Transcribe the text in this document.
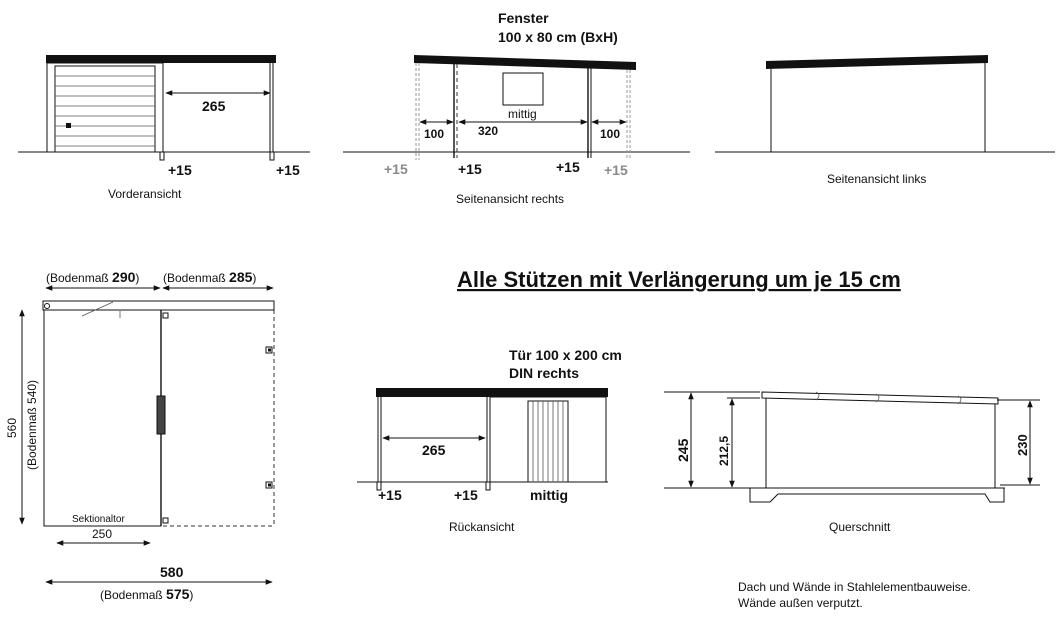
265
+15	+15
Vorderansicht
Fenster
100 x 80 cm (BxH)
mittig
100	320	100
+15	+15	+15 +15
Seitenansicht rechts
Seitenansicht links
Alle Stützen mit Verlängerung um je 15 cm
(Bodenmaß 290) (Bodenmaß 285)
560 (Bodenmaß 540)
Sektionaltor
250
580
(Bodenmaß 575)
Tür 100 x 200 cm
DIN rechts
265
+15	+15	mittig
Rückansicht
245 212,5	230
Querschnitt
Dach und Wände in Stahlelementbauweise.
Wände außen verputzt.
